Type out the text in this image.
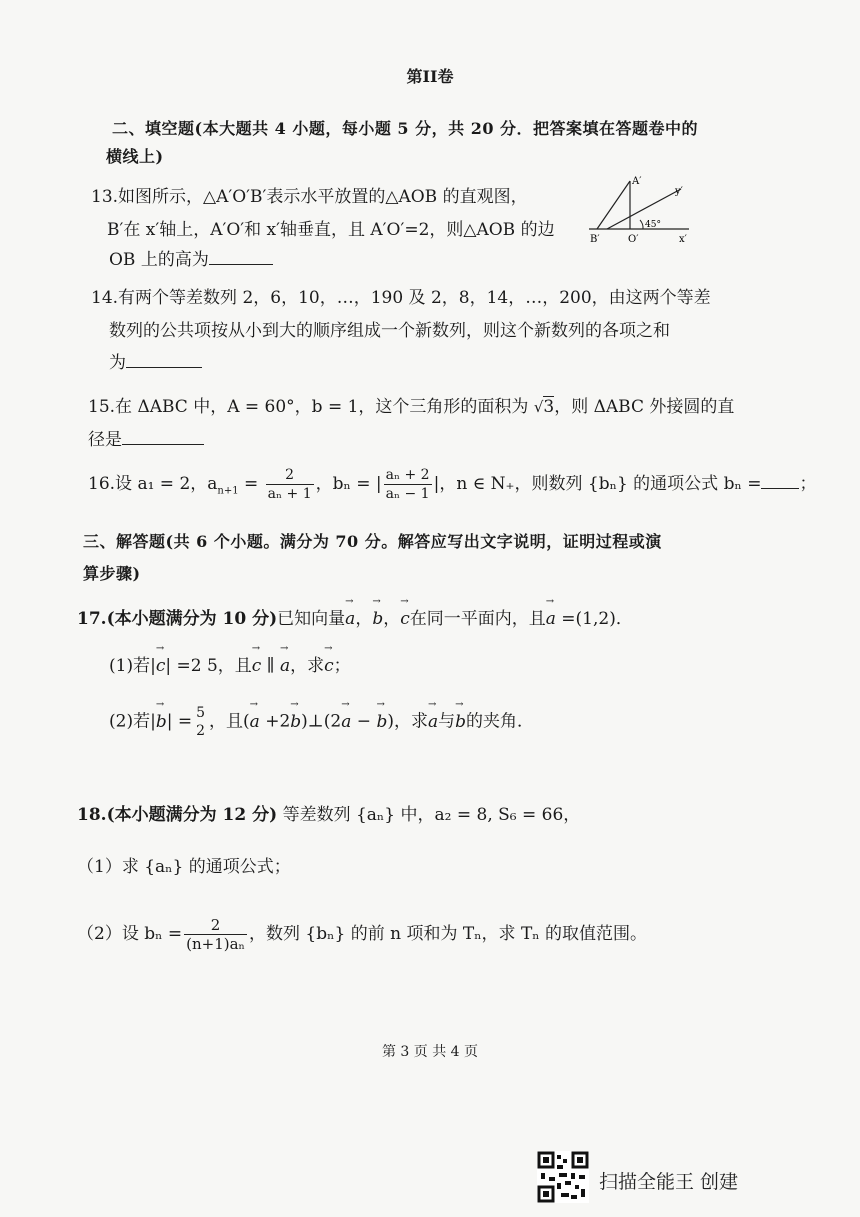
第II卷
二、填空题(本大题共 4 小题，每小题 5 分，共 20 分．把答案填在答题卷中的
横线上)
13.如图所示，△A′O′B′表示水平放置的△AOB 的直观图，
B′在 x′轴上，A′O′和 x′轴垂直，且 A′O′=2，则△AOB 的边
OB 上的高为
A′
y′
45°
B′	O′	x′
14.有两个等差数列 2，6，10，…，190 及 2，8，14，…，200，由这两个等差
数列的公共项按从小到大的顺序组成一个新数列，则这个新数列的各项之和
为
15.在 ΔABC 中，A = 60°，b = 1，这个三角形的面积为 √3，则 ΔABC 外接圆的直
径是
16.设 a₁ = 2，$a_{n+1} = \frac{2}{\text{aₙ + 1}}$ ，bₙ = | $\frac{\text{aₙ + 2}}{\text{aₙ − 1}}$ |，n ∈ N₊，则数列 {bₙ} 的通项公式 bₙ = ；
三、解答题(共 6 个小题。满分为 70 分。解答应写出文字说明，证明过程或演
算步骤)
17.(本小题满分为 10 分)已知向量→ a，→ b，→ c在同一平面内，且→ a =(1,2)．
(1)若|→ c| =2 5，且→ c ∥ → a，求→ c；
(2)若|→ b| = 5
2 ，且(→ a +2→ b)⊥(2→ a − → b)，求→ a与→ b的夹角．
18.(本小题满分为 12 分) 等差数列 {aₙ} 中，a₂ = 8, S₆ = 66，
（1）求 {aₙ} 的通项公式；
（2）设 $b_n = \frac{2}{\text{(n+1)aₙ}}$ ，数列 {bₙ} 的前 n 项和为 Tₙ，求 Tₙ 的取值范围。
第 3 页 共 4 页
扫描全能王 创建
